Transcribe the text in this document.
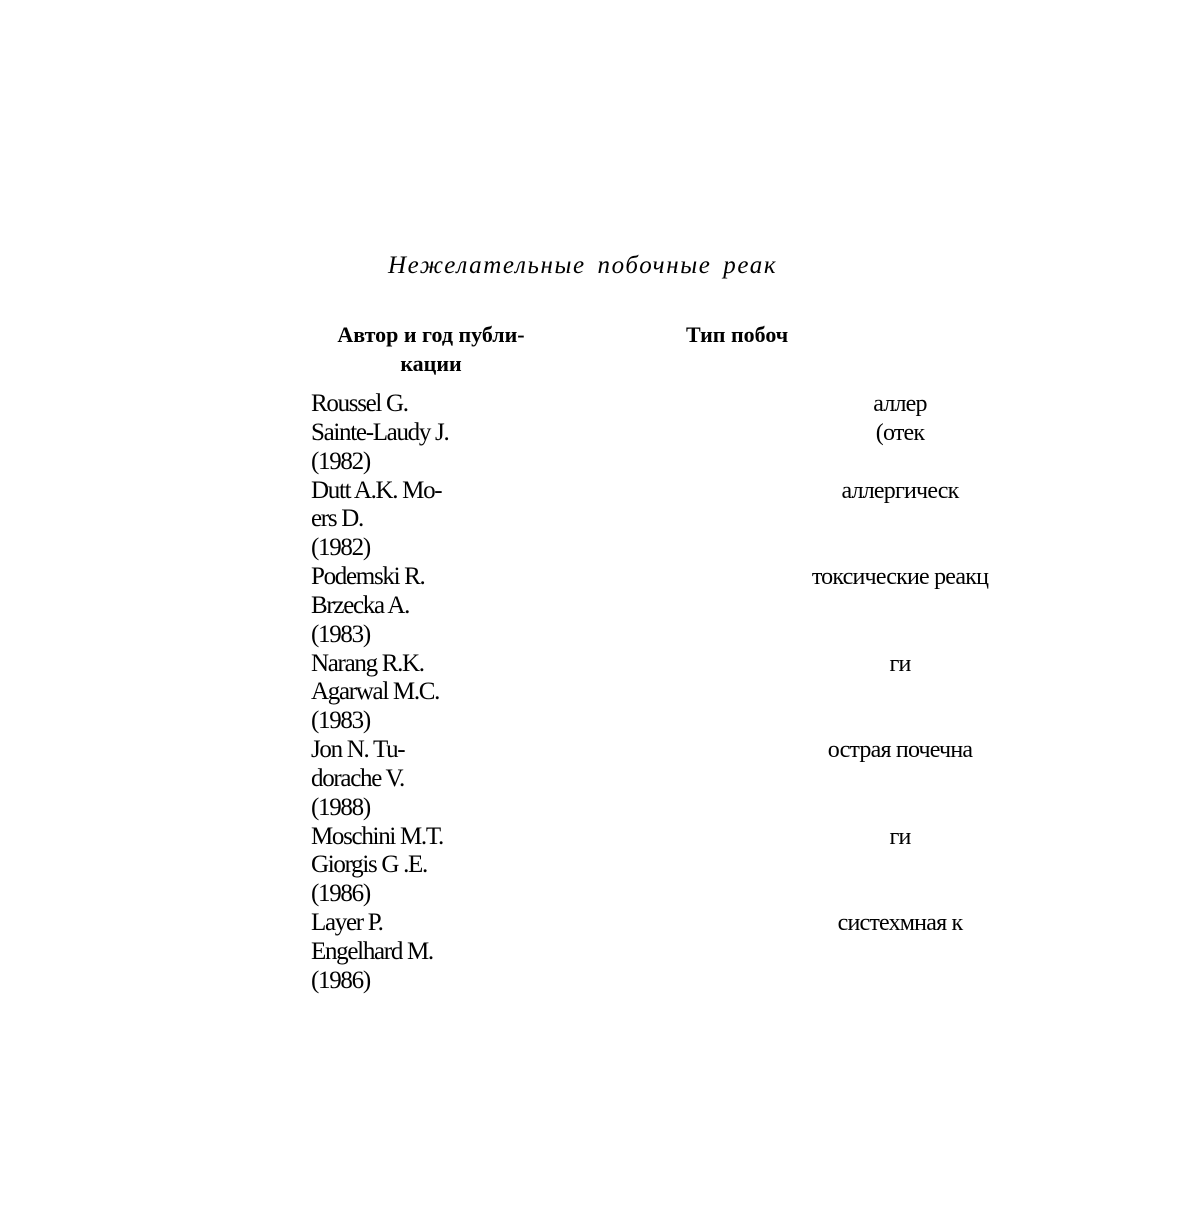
Нежелательные побочные реак
Автор и год публи-
кации
Тип побоч
Roussel G.
Sainte-Laudy J.
(1982)
аллер
(отек
Dutt A.K. Mo-
ers D.
(1982)
аллергическ
Podemski R.
Brzecka A.
(1983)
токсические реакц
Narang R.K.
Agarwal M.C.
(1983)
ги
Jon N. Tu-
dorache V.
(1988)
острая почечна
Moschini M.T.
Giorgis G .E.
(1986)
ги
Layer P.
Engelhard M.
(1986)
систехмная к
